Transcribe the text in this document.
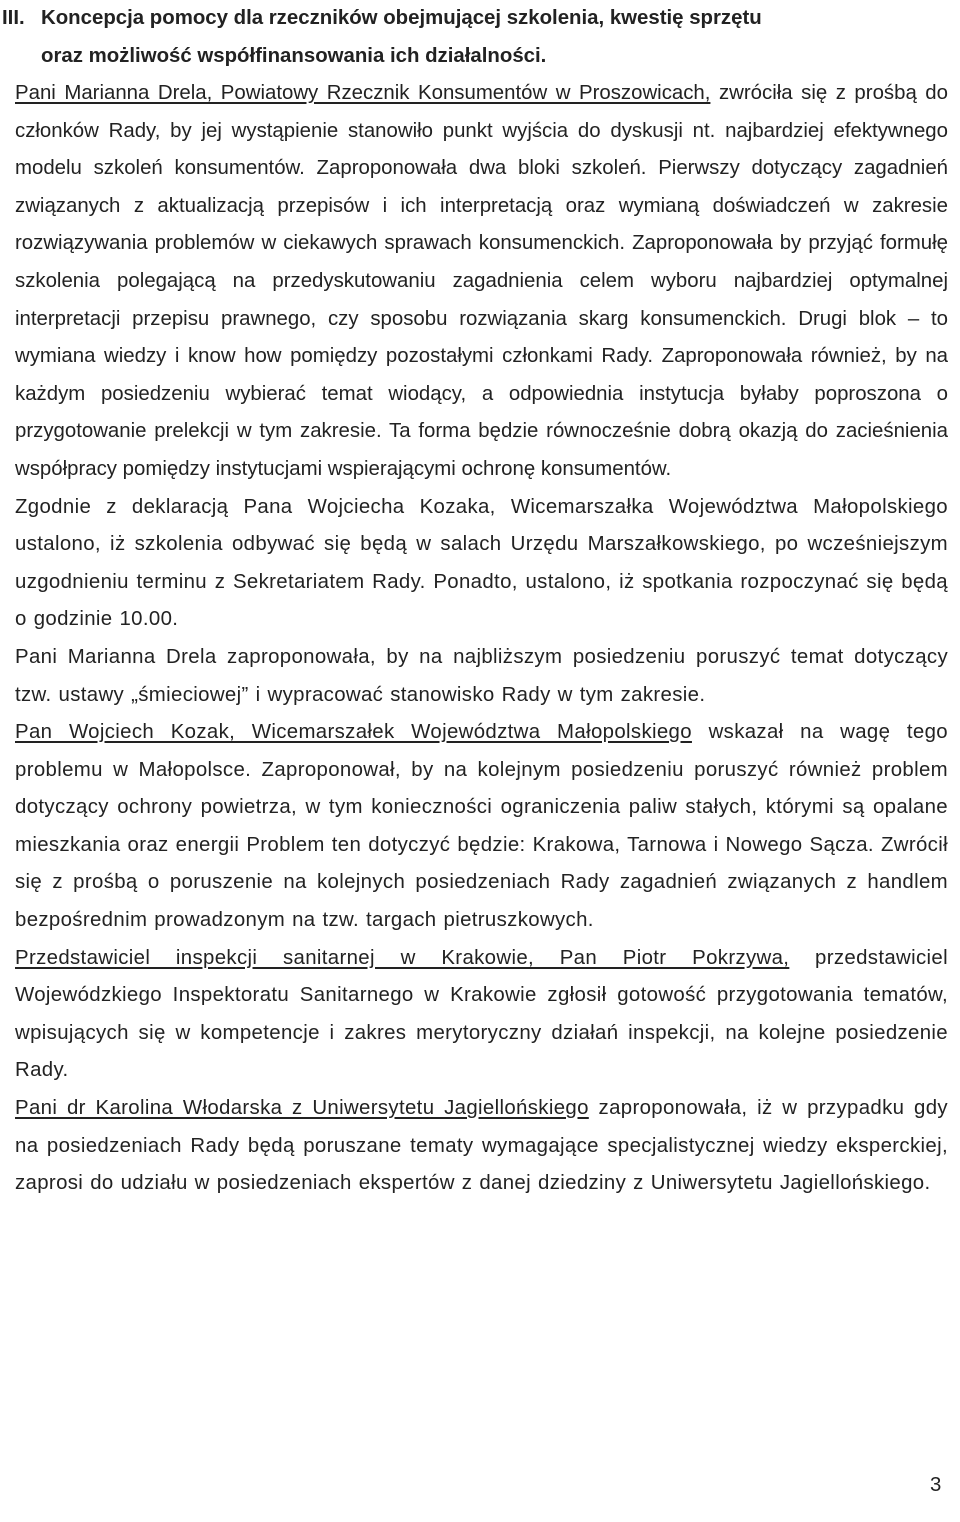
III. Koncepcja pomocy dla rzeczników obejmującej szkolenia, kwestię sprzętu
oraz możliwość współfinansowania ich działalności.

Pani Marianna Drela, Powiatowy Rzecznik Konsumentów w Proszowicach, zwróciła się z prośbą do członków Rady, by jej wystąpienie stanowiło punkt wyjścia do dyskusji nt. najbardziej efektywnego modelu szkoleń konsumentów. Zaproponowała dwa bloki szkoleń. Pierwszy dotyczący zagadnień związanych z aktualizacją przepisów i ich interpretacją oraz wymianą doświadczeń w zakresie rozwiązywania problemów w ciekawych sprawach konsumenckich. Zaproponowała by przyjąć formułę szkolenia polegającą na przedyskutowaniu zagadnienia celem wyboru najbardziej optymalnej interpretacji przepisu prawnego, czy sposobu rozwiązania skarg konsumenckich. Drugi blok – to wymiana wiedzy i know how pomiędzy pozostałymi członkami Rady. Zaproponowała również, by na każdym posiedzeniu wybierać temat wiodący, a odpowiednia instytucja byłaby poproszona o przygotowanie prelekcji w tym zakresie. Ta forma będzie równocześnie dobrą okazją do zacieśnienia współpracy pomiędzy instytucjami wspierającymi ochronę konsumentów.

Zgodnie z deklaracją Pana Wojciecha Kozaka, Wicemarszałka Województwa Małopolskiego ustalono, iż szkolenia odbywać się będą w salach Urzędu Marszałkowskiego, po wcześniejszym uzgodnieniu terminu z Sekretariatem Rady. Ponadto, ustalono, iż spotkania rozpoczynać się będą o godzinie 10.00.

Pani Marianna Drela zaproponowała, by na najbliższym posiedzeniu poruszyć temat dotyczący tzw. ustawy „śmieciowej” i wypracować stanowisko Rady w tym zakresie.

Pan Wojciech Kozak, Wicemarszałek Województwa Małopolskiego wskazał na wagę tego problemu w Małopolsce. Zaproponował, by na kolejnym posiedzeniu poruszyć również problem dotyczący ochrony powietrza, w tym konieczności ograniczenia paliw stałych, którymi są opalane mieszkania oraz energii Problem ten dotyczyć będzie: Krakowa, Tarnowa i Nowego Sącza. Zwrócił się z prośbą o poruszenie na kolejnych posiedzeniach Rady zagadnień związanych z handlem bezpośrednim prowadzonym na tzw. targach pietruszkowych.

Przedstawiciel inspekcji sanitarnej w Krakowie, Pan Piotr Pokrzywa, przedstawiciel Wojewódzkiego Inspektoratu Sanitarnego w Krakowie zgłosił gotowość przygotowania tematów, wpisujących się w kompetencje i zakres merytoryczny działań inspekcji, na kolejne posiedzenie Rady.

Pani dr Karolina Włodarska z Uniwersytetu Jagiellońskiego zaproponowała, iż w przypadku gdy na posiedzeniach Rady będą poruszane tematy wymagające specjalistycznej wiedzy eksperckiej, zaprosi do udziału w posiedzeniach ekspertów z danej dziedziny z Uniwersytetu Jagiellońskiego.

3
